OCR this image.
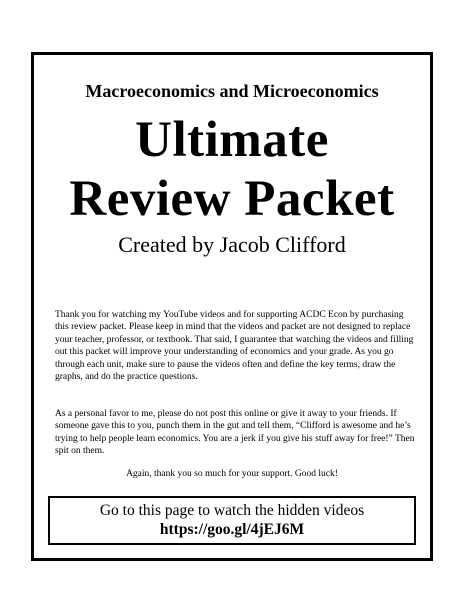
Macroeconomics and Microeconomics
Ultimate
Review Packet
Created by Jacob Clifford

Thank you for watching my YouTube videos and for supporting ACDC Econ by purchasing this review packet. Please keep in mind that the videos and packet are not designed to replace your teacher, professor, or textbook. That said, I guarantee that watching the videos and filling out this packet will improve your understanding of economics and your grade. As you go through each unit, make sure to pause the videos often and define the key terms, draw the graphs, and do the practice questions.

As a personal favor to me, please do not post this online or give it away to your friends. If someone gave this to you, punch them in the gut and tell them, “Clifford is awesome and he’s trying to help people learn economics. You are a jerk if you give his stuff away for free!” Then spit on them.

Again, thank you so much for your support. Good luck!

Go to this page to watch the hidden videos
https://goo.gl/4jEJ6M
